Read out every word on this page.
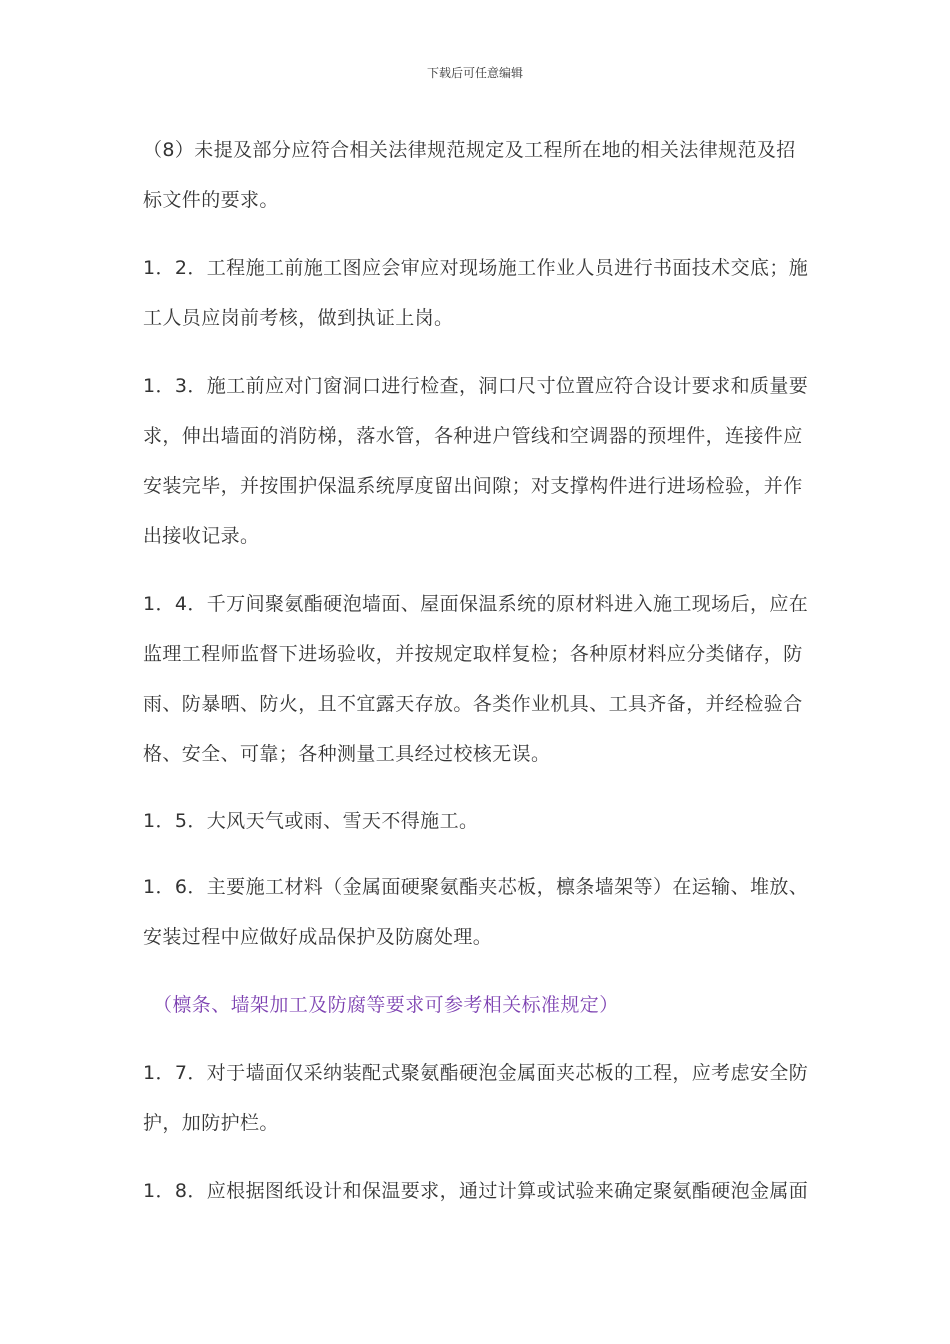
下载后可任意编辑

（8）未提及部分应符合相关法律规范规定及工程所在地的相关法律规范及招标文件的要求。

1．2．工程施工前施工图应会审应对现场施工作业人员进行书面技术交底；施工人员应岗前考核，做到执证上岗。

1．3．施工前应对门窗洞口进行检查，洞口尺寸位置应符合设计要求和质量要求，伸出墙面的消防梯，落水管，各种进户管线和空调器的预埋件，连接件应安装完毕，并按围护保温系统厚度留出间隙；对支撑构件进行进场检验，并作出接收记录。

1．4．千万间聚氨酯硬泡墙面、屋面保温系统的原材料进入施工现场后，应在监理工程师监督下进场验收，并按规定取样复检；各种原材料应分类储存，防雨、防暴晒、防火，且不宜露天存放。各类作业机具、工具齐备，并经检验合格、安全、可靠；各种测量工具经过校核无误。

1．5．大风天气或雨、雪天不得施工。

1．6．主要施工材料（金属面硬聚氨酯夹芯板，檩条墙架等）在运输、堆放、安装过程中应做好成品保护及防腐处理。

（檩条、墙架加工及防腐等要求可参考相关标准规定）

1．7．对于墙面仅采纳装配式聚氨酯硬泡金属面夹芯板的工程，应考虑安全防护，加防护栏。

1．8．应根据图纸设计和保温要求，通过计算或试验来确定聚氨酯硬泡金属面
